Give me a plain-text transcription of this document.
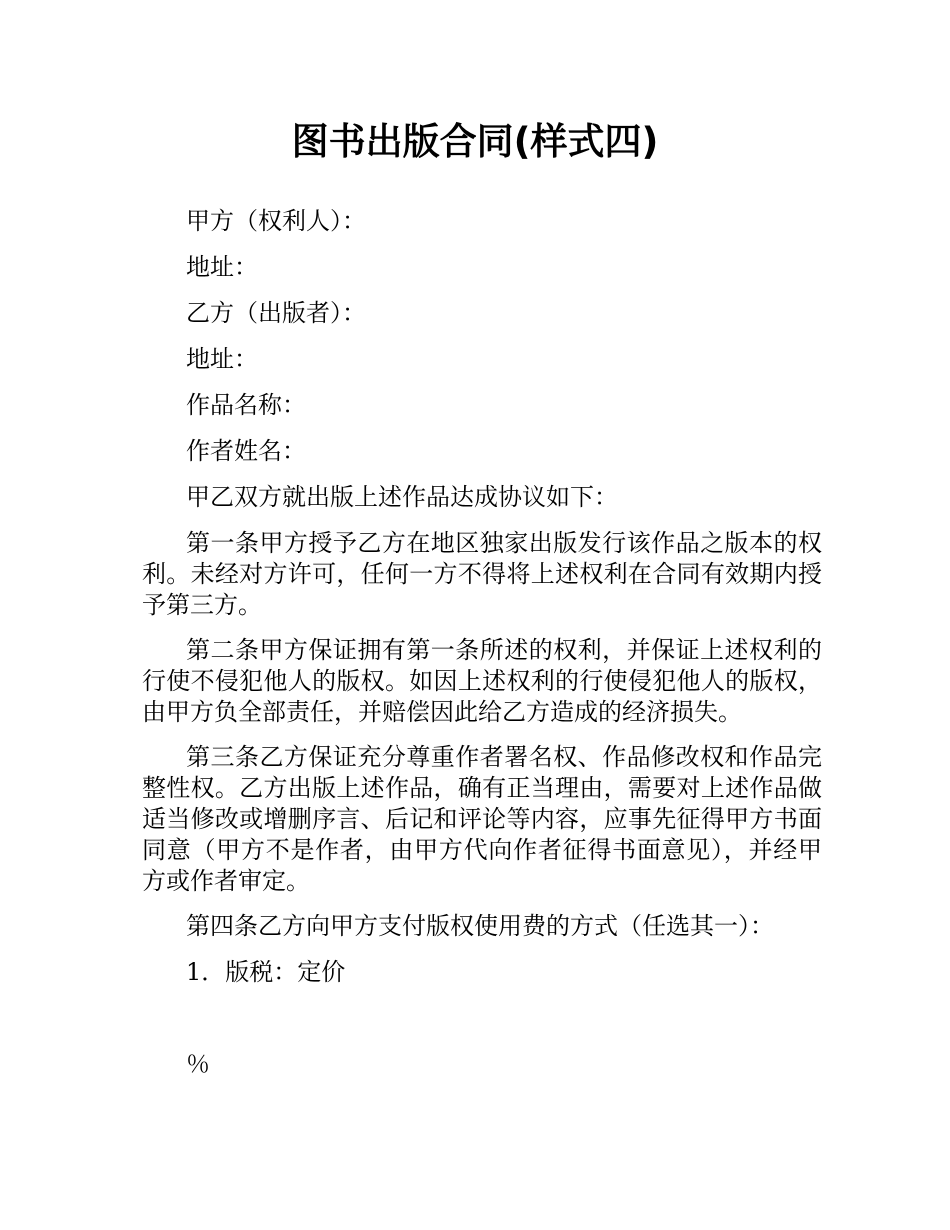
图书出版合同(样式四)
甲方（权利人）：
地址：
乙方（出版者）：
地址：
作品名称：
作者姓名：
甲乙双方就出版上述作品达成协议如下：

第一条甲方授予乙方在地区独家出版发行该作品之版本的权利。未经对方许可，任何一方不得将上述权利在合同有效期内授予第三方。

第二条甲方保证拥有第一条所述的权利，并保证上述权利的行使不侵犯他人的版权。如因上述权利的行使侵犯他人的版权，由甲方负全部责任，并赔偿因此给乙方造成的经济损失。

第三条乙方保证充分尊重作者署名权、作品修改权和作品完整性权。乙方出版上述作品，确有正当理由，需要对上述作品做适当修改或增删序言、后记和评论等内容，应事先征得甲方书面同意（甲方不是作者，由甲方代向作者征得书面意见），并经甲方或作者审定。

第四条乙方向甲方支付版权使用费的方式（任选其一）：
1．版税：定价
％
